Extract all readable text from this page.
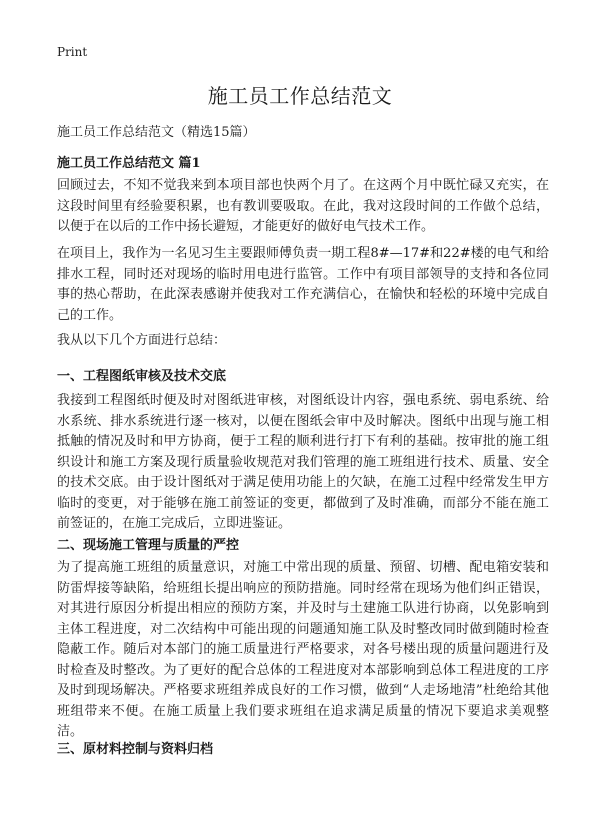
Print
施工员工作总结范文

施工员工作总结范文（精选15篇）

施工员工作总结范文 篇1

回顾过去，不知不觉我来到本项目部也快两个月了。在这两个月中既忙碌又充实，在这段时间里有经验要积累，也有教训要吸取。在此，我对这段时间的工作做个总结，以便于在以后的工作中扬长避短，才能更好的做好电气技术工作。

在项目上，我作为一名见习生主要跟师傅负责一期工程8#—17#和22#楼的电气和给排水工程，同时还对现场的临时用电进行监管。工作中有项目部领导的支持和各位同事的热心帮助，在此深表感谢并使我对工作充满信心，在愉快和轻松的环境中完成自己的工作。

我从以下几个方面进行总结：

一、工程图纸审核及技术交底

我接到工程图纸时便及时对图纸进审核，对图纸设计内容，强电系统、弱电系统、给水系统、排水系统进行逐一核对，以便在图纸会审中及时解决。图纸中出现与施工相抵触的情况及时和甲方协商，便于工程的顺利进行打下有利的基础。按审批的施工组织设计和施工方案及现行质量验收规范对我们管理的施工班组进行技术、质量、安全的技术交底。由于设计图纸对于满足使用功能上的欠缺，在施工过程中经常发生甲方临时的变更，对于能够在施工前签证的变更，都做到了及时准确，而部分不能在施工前签证的，在施工完成后，立即进鉴证。

二、现场施工管理与质量的严控

为了提高施工班组的质量意识，对施工中常出现的质量、预留、切槽、配电箱安装和防雷焊接等缺陷，给班组长提出响应的预防措施。同时经常在现场为他们纠正错误，对其进行原因分析提出相应的预防方案，并及时与土建施工队进行协商，以免影响到主体工程进度，对二次结构中可能出现的问题通知施工队及时整改同时做到随时检查隐蔽工作。随后对本部门的施工质量进行严格要求，对各号楼出现的质量问题进行及时检查及时整改。为了更好的配合总体的工程进度对本部影响到总体工程进度的工序及时到现场解决。严格要求班组养成良好的工作习惯，做到“人走场地清”杜绝给其他班组带来不便。在施工质量上我们要求班组在追求满足质量的情况下要追求美观整洁。

三、原材料控制与资料归档
